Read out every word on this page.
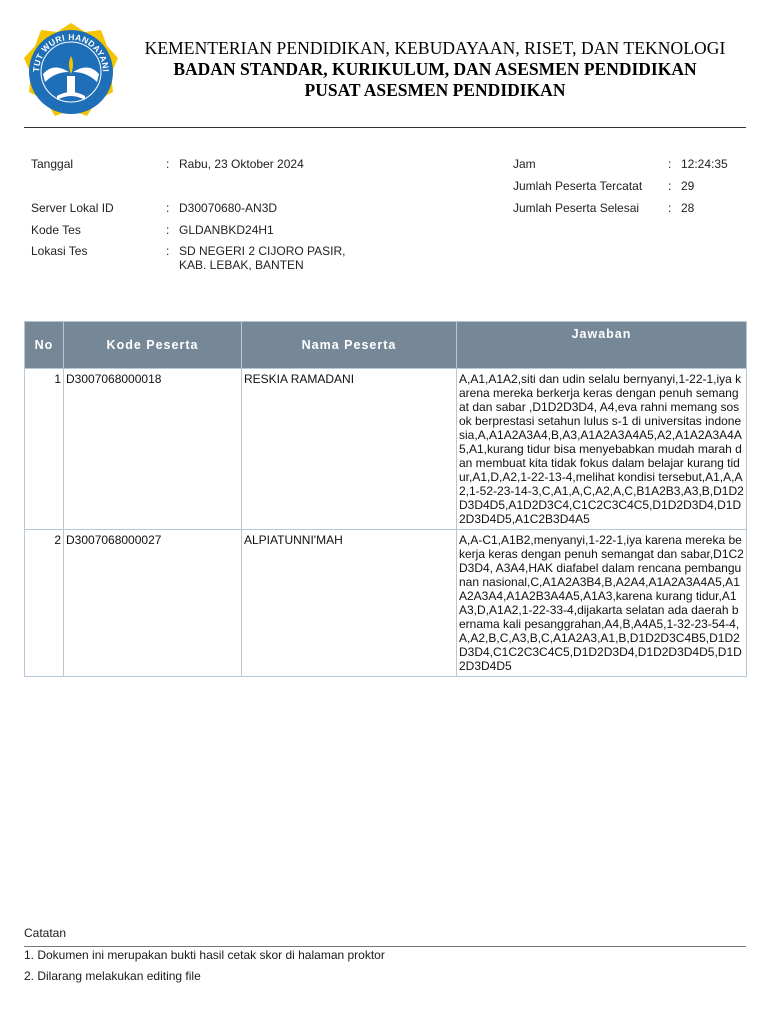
TUT WURI HANDAYANI
KEMENTERIAN PENDIDIKAN, KEBUDAYAAN, RISET, DAN TEKNOLOGI
BADAN STANDAR, KURIKULUM, DAN ASESMEN PENDIDIKAN
PUSAT ASESMEN PENDIDIKAN
Tanggal	: Rabu, 23 Oktober 2024
Server Lokal ID	: D30070680-AN3D
Kode Tes	: GLDANBKD24H1
Lokasi Tes	: SD NEGERI 2 CIJORO PASIR,
KAB. LEBAK, BANTEN
Jam	: 12:24:35
Jumlah Peserta Tercatat : 29
Jumlah Peserta Selesai : 28
No	Kode Peserta	Nama Peserta	Jawaban
1	D3007068000018	RESKIA RAMADANI	A,A1,A1A2,siti dan udin selalu bernyanyi,1-22-1,iya karena mereka berkerja keras dengan penuh semangat dan sabar ,D1D2D3D4, A4,eva rahni memang sosok berprestasi setahun lulus s-1 di universitas indonesia,A,A1A2A3A4,B,A3,A1A2A3A4A5,A2,A1A2A3A4A5,A1,kurang tidur bisa menyebabkan mudah marah dan membuat kita tidak fokus dalam belajar kurang tidur,A1,D,A2,1-22-13-4,melihat kondisi tersebut,A1,A,A2,1-52-23-14-3,C,A1,A,C,A2,A,C,B1A2B3,A3,B,D1D2D3D4D5,A1D2D3C4,C1C2C3C4C5,D1D2D3D4,D1D2D3D4D5,A1C2B3D4A5
2	D3007068000027	ALPIATUNNI'MAH	A,A-C1,A1B2,menyanyi,1-22-1,iya karena mereka bekerja keras dengan penuh semangat dan sabar,D1C2D3D4, A3A4,HAK diafabel dalam rencana pembangunan nasional,C,A1A2A3B4,B,A2A4,A1A2A3A4A5,A1A2A3A4,A1A2B3A4A5,A1A3,karena kurang tidur,A1A3,D,A1A2,1-22-33-4,dijakarta selatan ada daerah bernama kali pesanggrahan,A4,B,A4A5,1-32-23-54-4,A,A2,B,C,A3,B,C,A1A2A3,A1,B,D1D2D3C4B5,D1D2D3D4,C1C2C3C4C5,D1D2D3D4,D1D2D3D4D5,D1D2D3D4D5
Catatan
1. Dokumen ini merupakan bukti hasil cetak skor di halaman proktor
2. Dilarang melakukan editing file
